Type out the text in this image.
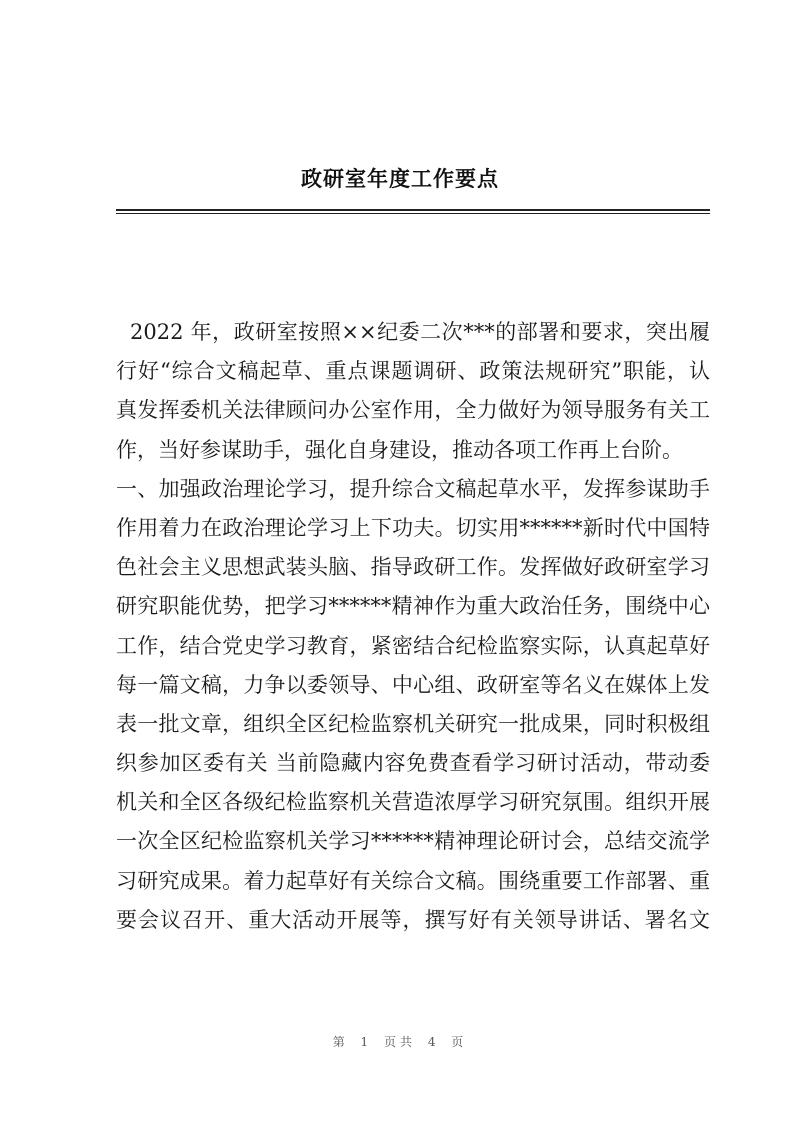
政研室年度工作要点
2022 年，政研室按照××纪委二次***的部署和要求，突出履
行好“综合文稿起草、重点课题调研、政策法规研究”职能，认
真发挥委机关法律顾问办公室作用，全力做好为领导服务有关工
作，当好参谋助手，强化自身建设，推动各项工作再上台阶。
一、加强政治理论学习，提升综合文稿起草水平，发挥参谋助手
作用着力在政治理论学习上下功夫。切实用******新时代中国特
色社会主义思想武装头脑、指导政研工作。发挥做好政研室学习
研究职能优势，把学习******精神作为重大政治任务，围绕中心
工作，结合党史学习教育，紧密结合纪检监察实际，认真起草好
每一篇文稿，力争以委领导、中心组、政研室等名义在媒体上发
表一批文章，组织全区纪检监察机关研究一批成果，同时积极组
织参加区委有关 当前隐藏内容免费查看学习研讨活动，带动委
机关和全区各级纪检监察机关营造浓厚学习研究氛围。组织开展
一次全区纪检监察机关学习******精神理论研讨会，总结交流学
习研究成果。着力起草好有关综合文稿。围绕重要工作部署、重
要会议召开、重大活动开展等，撰写好有关领导讲话、署名文
第 1 页共 4 页
